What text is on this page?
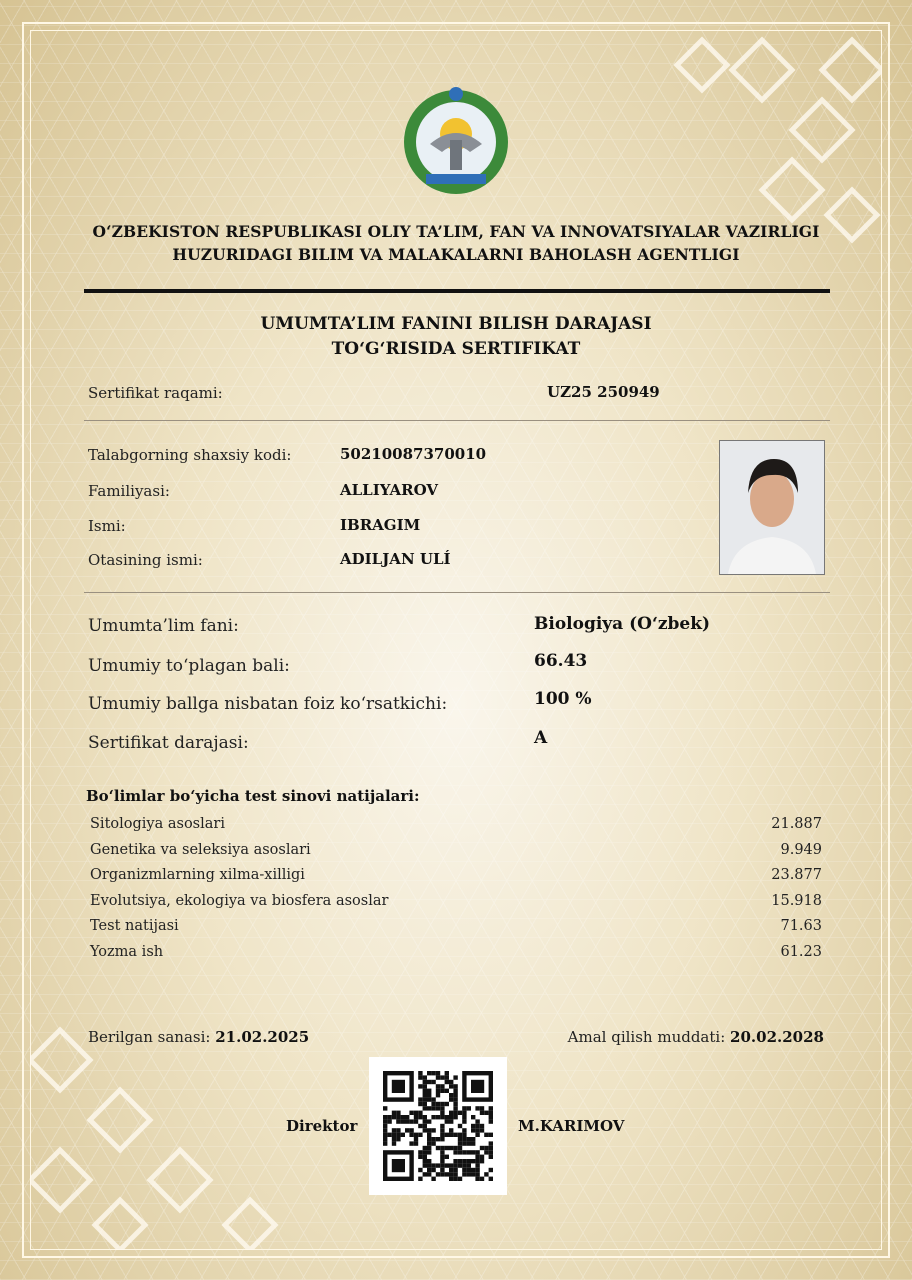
O‘ZBEKISTON RESPUBLIKASI OLIY TA’LIM, FAN VA INNOVATSIYALAR VAZIRLIGI
HUZURIDAGI BILIM VA MALAKALARNI BAHOLASH AGENTLIGI
UMUMTA’LIM FANINI BILISH DARAJASI
TO‘G‘RISIDA SERTIFIKAT
Sertifikat raqami:	UZ25 250949
Talabgorning shaxsiy kodi:	50210087370010
Familiyasi:	ALLIYAROV
Ismi:	IBRAGIM
Otasining ismi:	ADILJAN ULÍ
Umumta’lim fani:	Biologiya (O‘zbek)
Umumiy to‘plagan bali:	66.43
Umumiy ballga nisbatan foiz ko‘rsatkichi:	100 %
Sertifikat darajasi:	A
Bo‘limlar bo‘yicha test sinovi natijalari:
Sitologiya asoslari	21.887
Genetika va seleksiya asoslari	9.949
Organizmlarning xilma-xilligi	23.877
Evolutsiya, ekologiya va biosfera asoslar	15.918
Test natijasi	71.63
Yozma ish	61.23
Berilgan sanasi: 21.02.2025	Amal qilish muddati: 20.02.2028
Direktor	M.KARIMOV
